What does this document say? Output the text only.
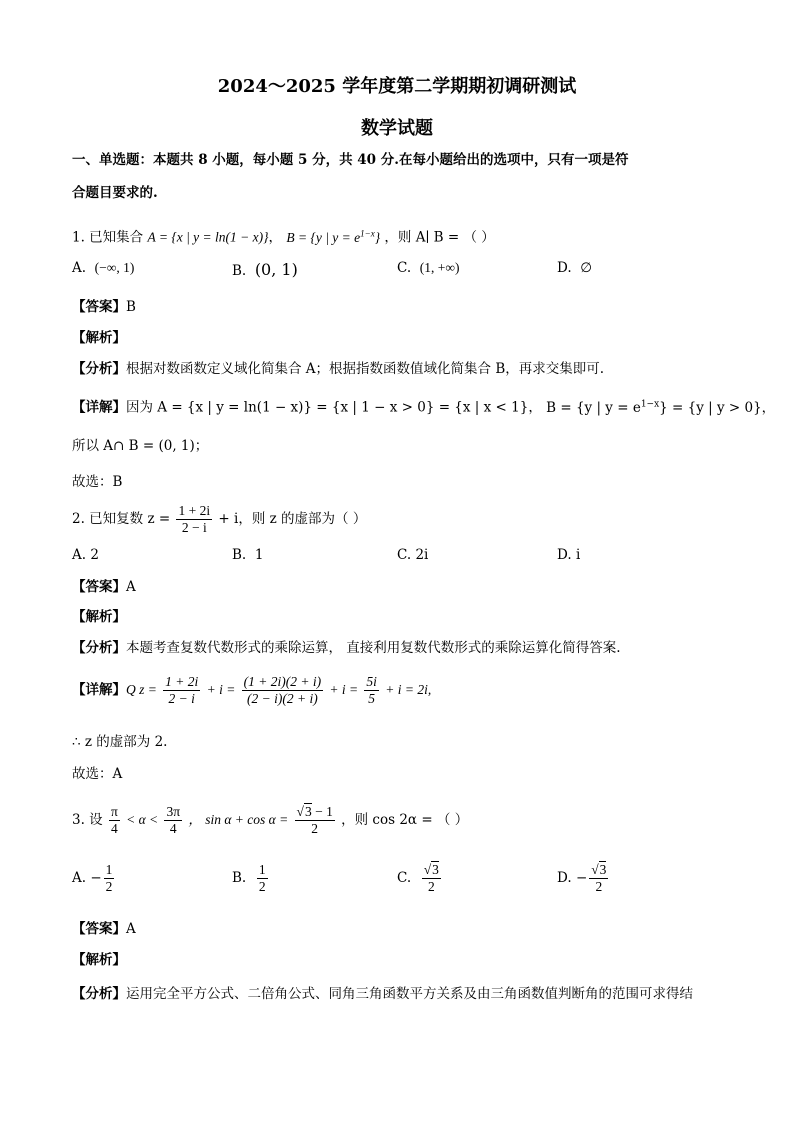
2024～2025 学年度第二学期期初调研测试
数学试题
一、单选题：本题共 8 小题，每小题 5 分，共 40 分.在每小题给出的选项中，只有一项是符
合题目要求的.
1. 已知集合 A = {x | y = ln(1 − x)}， B = {y | $y = e^{1-x}$} ，则 A∣ B = （ ）
A. (−∞, 1)	B. (0, 1)	C. (1, +∞)	D. ∅
【答案】B
【解析】
【分析】根据对数函数定义域化简集合 A；根据指数函数值域化简集合 B，再求交集即可.
【详解】因为 A = {x | y = ln(1 − x)} = {x | 1 − x > 0} = {x | x < 1}， B = {y | $y = e^{1-x}\} = \{y$ | y > 0}，
所以 A∩ B = (0, 1)；
故选：B
2. 已知复数 $z = \frac{1 + 2i}{2 - i} + i$，则 z 的虚部为（ ）
A. 2	B. 1	C. 2i	D. i
【答案】A
【解析】
【分析】本题考查复数代数形式的乘除运算， 直接利用复数代数形式的乘除运算化简得答案.
【详解】Q $z = \frac{1 + 2i}{2 - i} + i = \frac{(1 + 2i)(2 + i)}{(2 - i)(2 + i)} + i = \frac{5i}{5} + i = 2i$,
∴ z 的虚部为 2.
故选：A
3. 设 $\frac{\pi}{4} < \alpha < \frac{3\pi}{4}$ ， $\sin \alpha + \cos \alpha = \frac{√3 - 1}{2}$ ，则 cos 2α = （ ）
A. − $\frac{1}{2}$	B. $\frac{1}{2}$	C. $\frac{√3}{2}$	D. − $\frac{√3}{2}$
【答案】A
【解析】
【分析】运用完全平方公式、二倍角公式、同角三角函数平方关系及由三角函数值判断角的范围可求得结
